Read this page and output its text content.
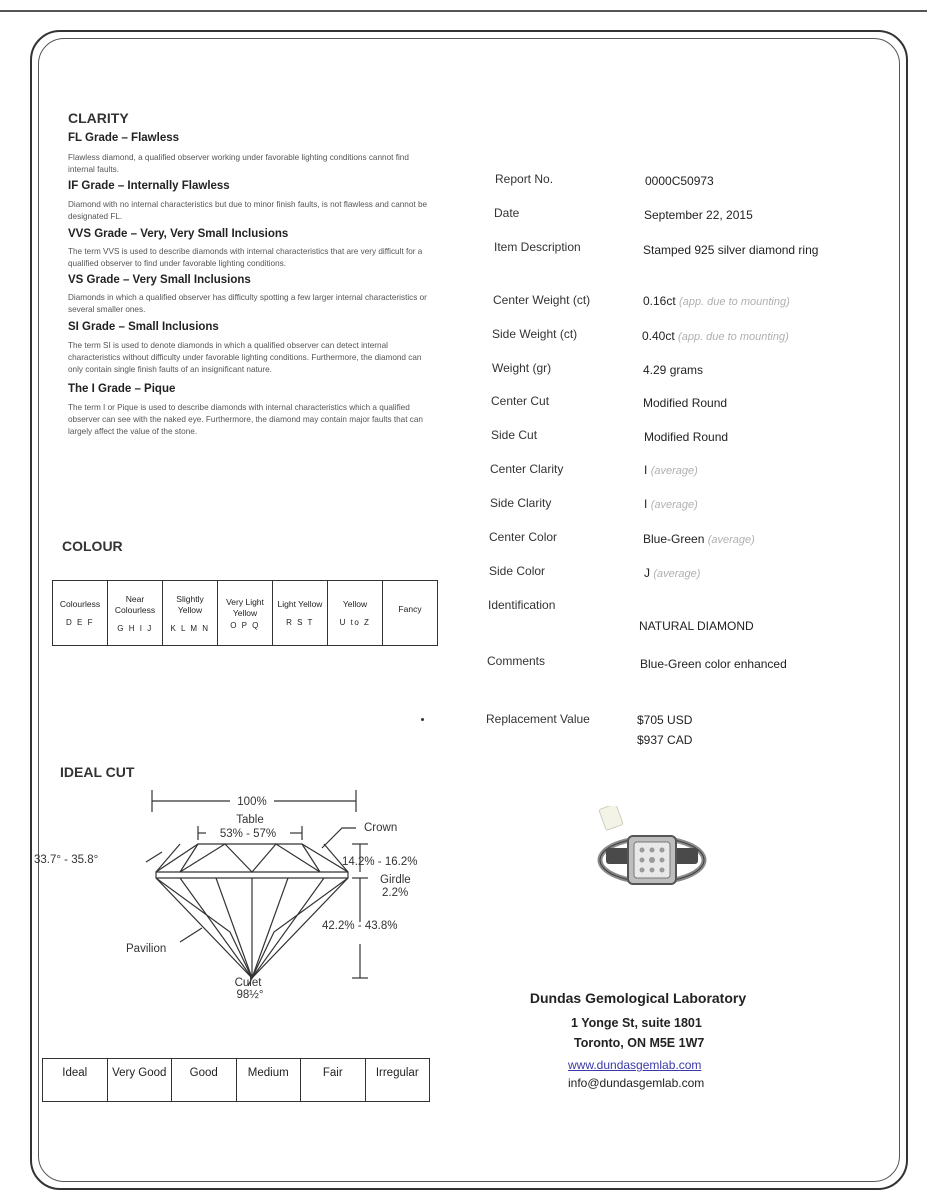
CLARITY
FL Grade – Flawless
Flawless diamond, a qualified observer working under favorable lighting conditions cannot find internal faults.
IF Grade – Internally Flawless
Diamond with no internal characteristics but due to minor finish faults, is not flawless and cannot be designated FL.
VVS Grade – Very, Very Small Inclusions
The term VVS is used to describe diamonds with internal characteristics that are very difficult for a qualified observer to find under favorable lighting conditions.
VS Grade – Very Small Inclusions
Diamonds in which a qualified observer has difficulty spotting a few larger internal characteristics or several smaller ones.
SI Grade – Small Inclusions
The term SI is used to denote diamonds in which a qualified observer can detect internal characteristics without difficulty under favorable lighting conditions. Furthermore, the diamond can only contain single finish faults of an insignificant nature.
The I Grade – Pique
The term I or Pique is used to describe diamonds with internal characteristics which a qualified observer can see with the naked eye. Furthermore, the diamond may contain major faults that can largely affect the value of the stone.
COLOUR
Colourless
D E F

Near Colourless
G H I J

Slightly Yellow
K L M N

Very Light Yellow
O P Q

Light Yellow
R S T

Yellow
U to Z

Fancy
IDEAL CUT
100%
Table
53% - 57%	Crown
33.7° - 35.8°	14.2% - 16.2%
Girdle
2.2%
42.2% - 43.8%
Pavilion
Culet
98½°
Ideal	Very Good	Good	Medium	Fair	Irregular
Report No.	0000C50973
Date	September 22, 2015
Item Description	Stamped 925 silver diamond ring
Center Weight (ct)	0.16ct (app. due to mounting)
Side Weight (ct)	0.40ct (app. due to mounting)
Weight (gr)	4.29 grams
Center Cut	Modified Round
Side Cut	Modified Round
Center Clarity	I (average)
Side Clarity	I (average)
Center Color	Blue-Green (average)
Side Color	J (average)
Identification
NATURAL DIAMOND
Comments	Blue-Green color enhanced
Replacement Value	$705 USD
$937 CAD
Dundas Gemological Laboratory
1 Yonge St, suite 1801
Toronto, ON M5E 1W7
www.dundasgemlab.com
info@dundasgemlab.com
